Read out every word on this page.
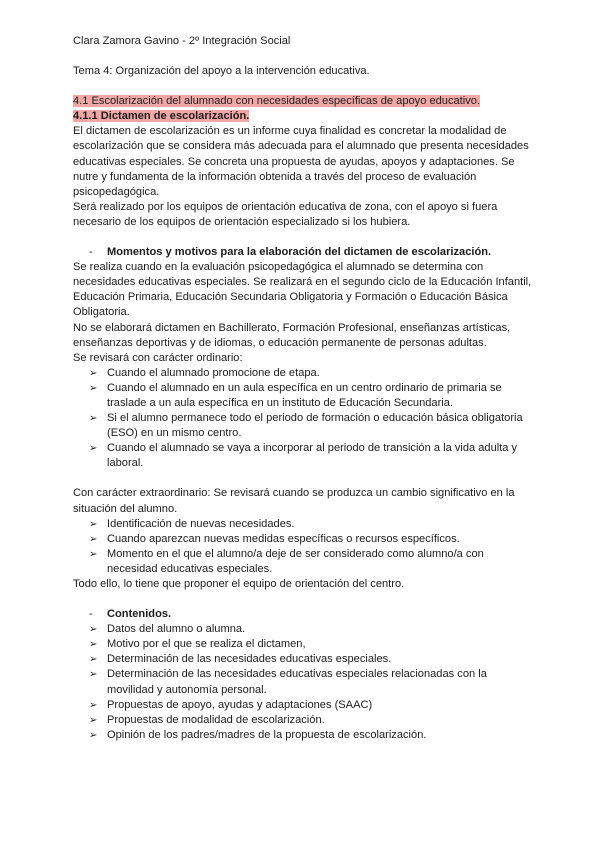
Clara Zamora Gavino - 2º Integración Social

Tema 4: Organización del apoyo a la intervención educativa.

4.1 Escolarización del alumnado con necesidades específicas de apoyo educativo.
4.1.1 Dictamen de escolarización.

El dictamen de escolarización es un informe cuya finalidad es concretar la modalidad de escolarización que se considera más adecuada para el alumnado que presenta necesidades educativas especiales. Se concreta una propuesta de ayudas, apoyos y adaptaciones. Se nutre y fundamenta de la información obtenida a través del proceso de evaluación psicopedagógica.

Será realizado por los equipos de orientación educativa de zona, con el apoyo si fuera necesario de los equipos de orientación especializado si los hubiera.

- Momentos y motivos para la elaboración del dictamen de escolarización.

Se realiza cuando en la evaluación psicopedagógica el alumnado se determina con necesidades educativas especiales. Se realizará en el segundo ciclo de la Educación Infantil, Educación Primaria, Educación Secundaria Obligatoria y Formación o Educación Básica Obligatoria.

No se elaborará dictamen en Bachillerato, Formación Profesional, enseñanzas artísticas, enseñanzas deportivas y de idiomas, o educación permanente de personas adultas.

Se revisará con carácter ordinario:

➢ Cuando el alumnado promocione de etapa.
➢ Cuando el alumnado en un aula específica en un centro ordinario de primaria se traslade a un aula específica en un instituto de Educación Secundaria.
➢ Si el alumno permanece todo el periodo de formación o educación básica obligatoria (ESO) en un mismo centro.
➢ Cuando el alumnado se vaya a incorporar al periodo de transición a la vida adulta y laboral.

Con carácter extraordinario: Se revisará cuando se produzca un cambio significativo en la situación del alumno.

➢ Identificación de nuevas necesidades.
➢ Cuando aparezcan nuevas medidas específicas o recursos específicos.
➢ Momento en el que el alumno/a deje de ser considerado como alumno/a con necesidad educativas especiales.

Todo ello, lo tiene que proponer el equipo de orientación del centro.

- Contenidos.
➢ Datos del alumno o alumna.
➢ Motivo por el que se realiza el dictamen,
➢ Determinación de las necesidades educativas especiales.
➢ Determinación de las necesidades educativas especiales relacionadas con la movilidad y autonomía personal.
➢ Propuestas de apoyo, ayudas y adaptaciones (SAAC)
➢ Propuestas de modalidad de escolarización.
➢ Opinión de los padres/madres de la propuesta de escolarización.
